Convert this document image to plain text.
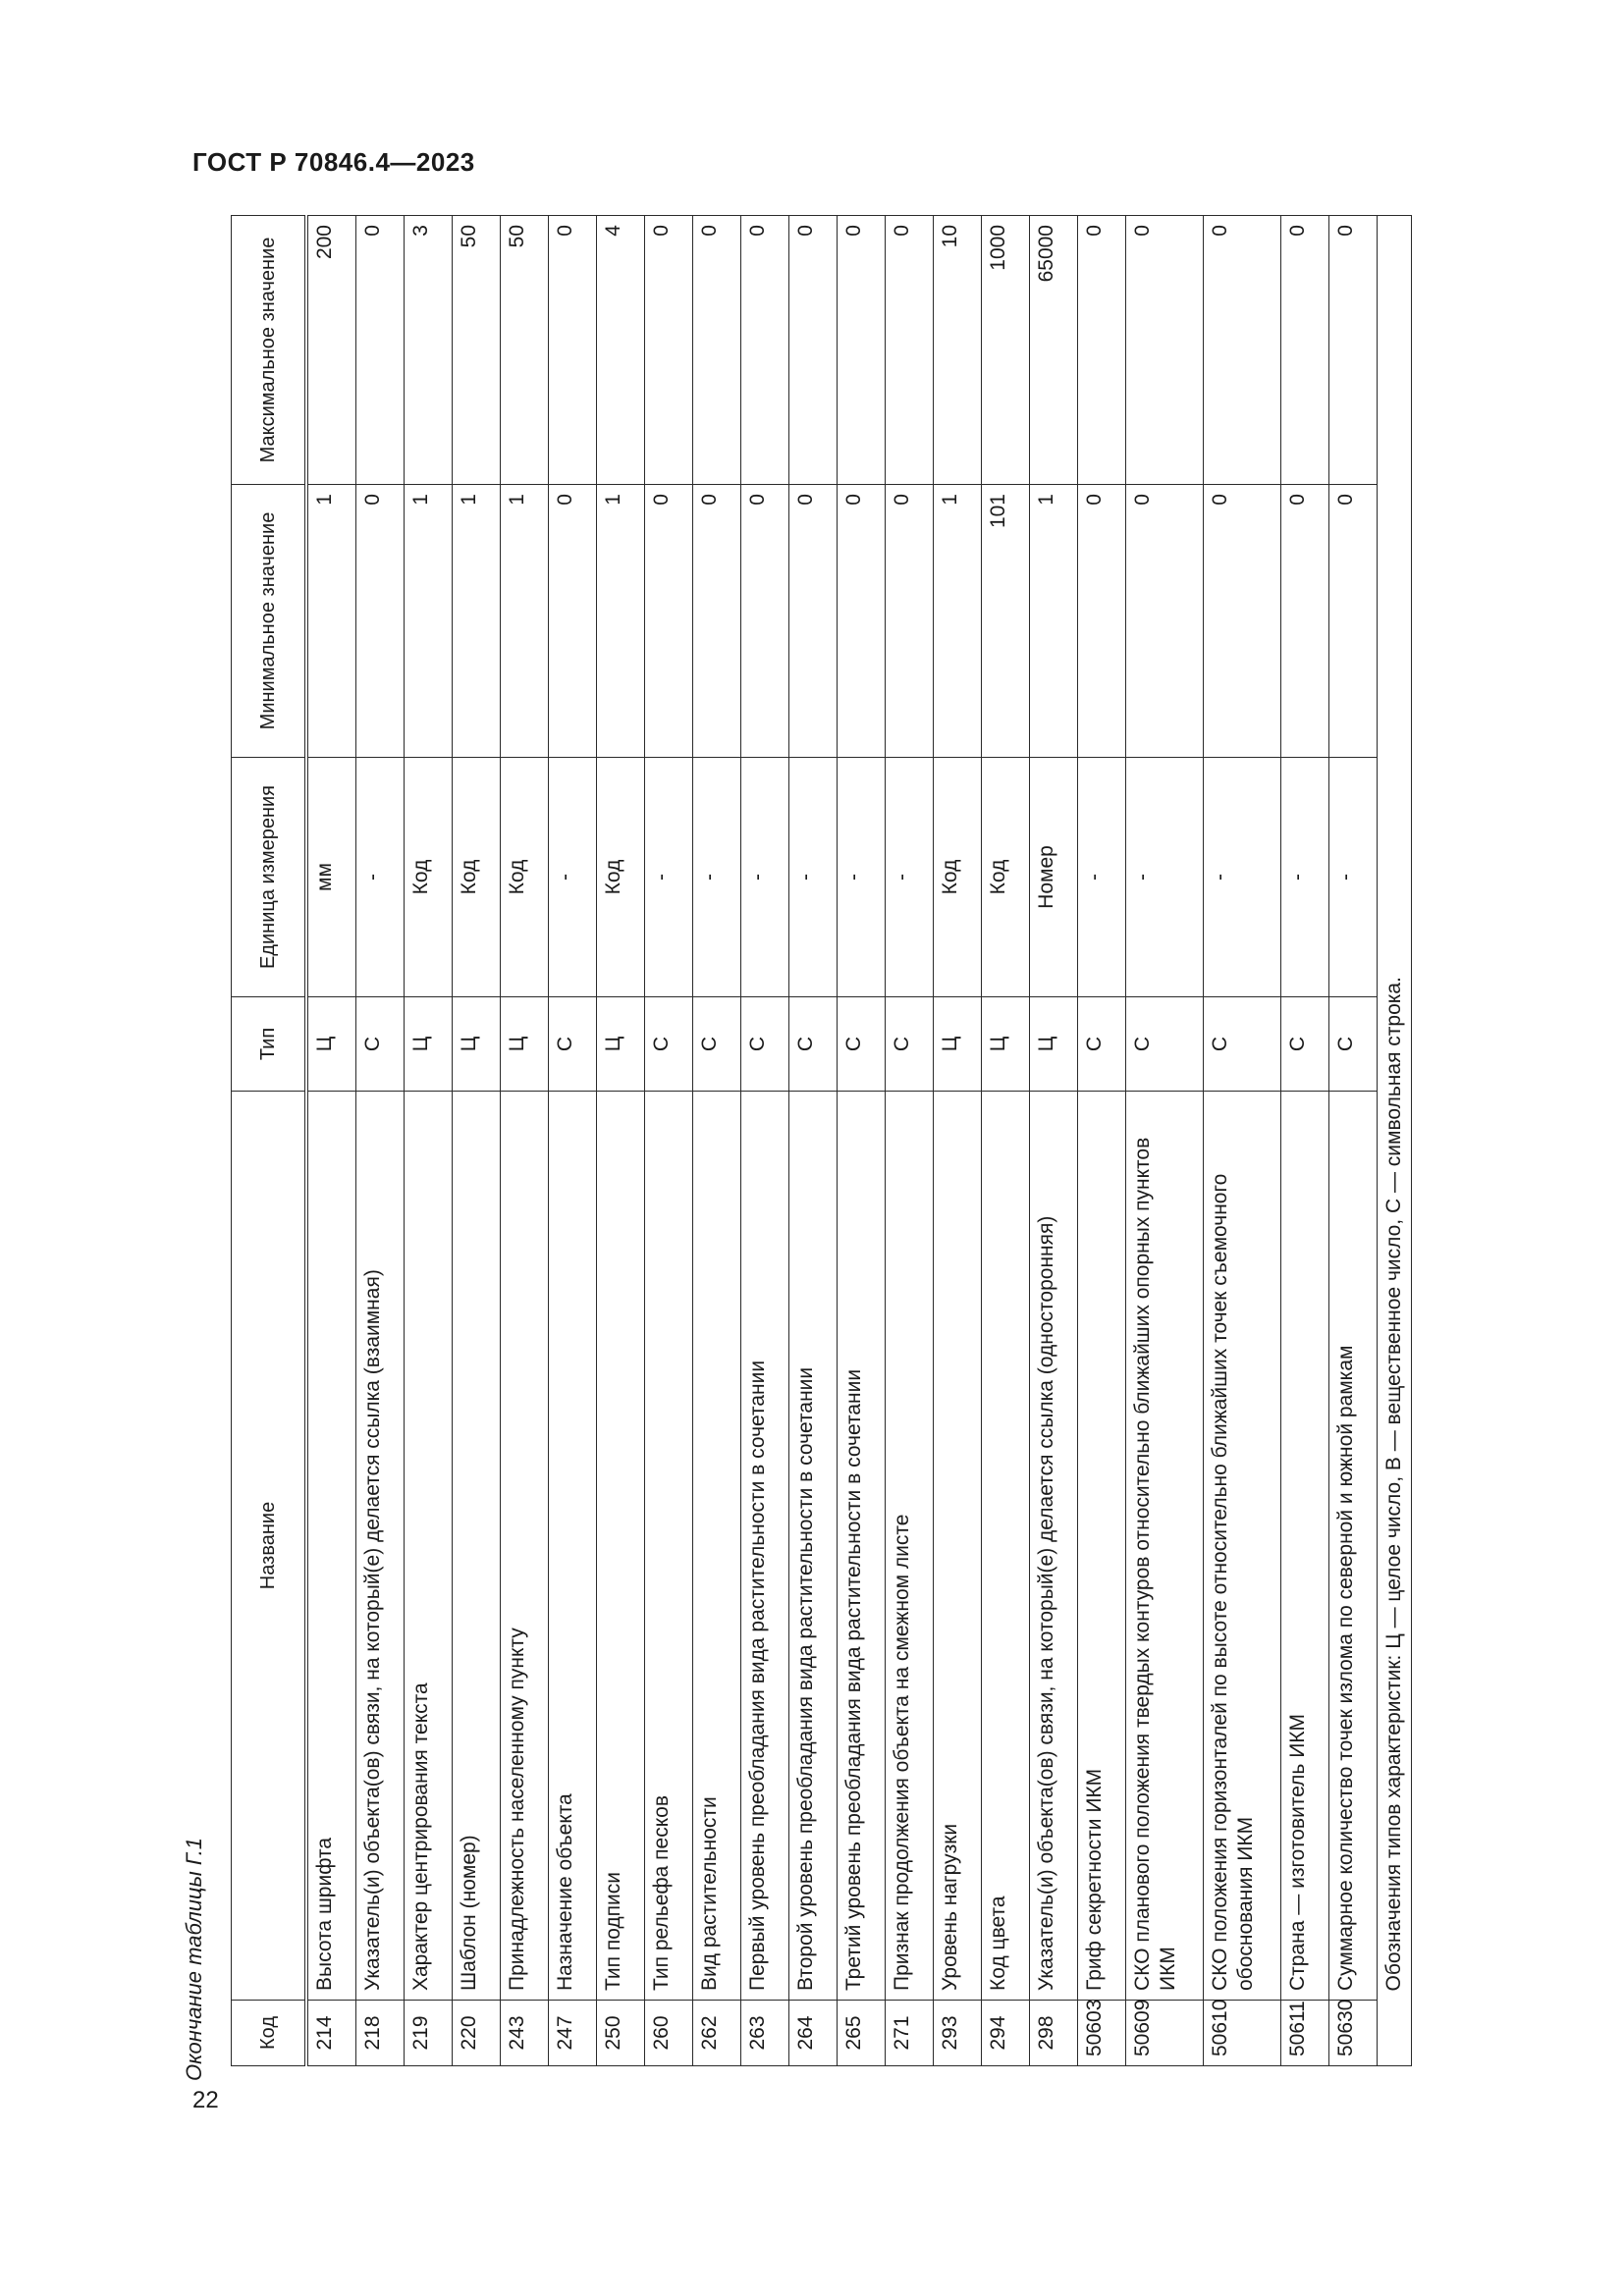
ГОСТ Р 70846.4—2023
Окончание таблицы Г.1	Код	Название	Тип	Единица измерения	Минимальное значение	Максимальное значение
214	Высота шрифта	Ц	мм	1	200
218	Указатель(и) объекта(ов) связи, на который(е) делается ссылка (взаимная)	С	-	0	0
219	Характер центрирования текста	Ц	Код	1	3
220	Шаблон (номер)	Ц	Код	1	50
243	Принадлежность населенному пункту	Ц	Код	1	50
247	Назначение объекта	С	-	0	0
250	Тип подписи	Ц	Код	1	4
260	Тип рельефа песков	С	-	0	0
262	Вид растительности	С	-	0	0
263	Первый уровень преобладания вида растительности в сочетании	С	-	0	0
264	Второй уровень преобладания вида растительности в сочетании	С	-	0	0
265	Третий уровень преобладания вида растительности в сочетании	С	-	0	0
271	Признак продолжения объекта на смежном листе	С	-	0	0
293	Уровень нагрузки	Ц	Код	1	10
294	Код цвета	Ц	Код	101	1000
298	Указатель(и) объекта(ов) связи, на который(е) делается ссылка (односторонняя)	Ц	Номер	1	65000
50603	Гриф секретности ИКМ	С	-	0	0
50609	СКО планового положения твердых контуров относительно ближайших опорных пунктов ИКМ	С	-	0	0
50610	СКО положения горизонталей по высоте относительно ближайших точек съемочного обоснования ИКМ	С	-	0	0
50611	Страна — изготовитель ИКМ	С	-	0	0
50630	Суммарное количество точек излома по северной и южной рамкам	С	-	0	0
	Обозначения типов характеристик: Ц — целое число, В — вещественное число, С — символьная строка.				
22
